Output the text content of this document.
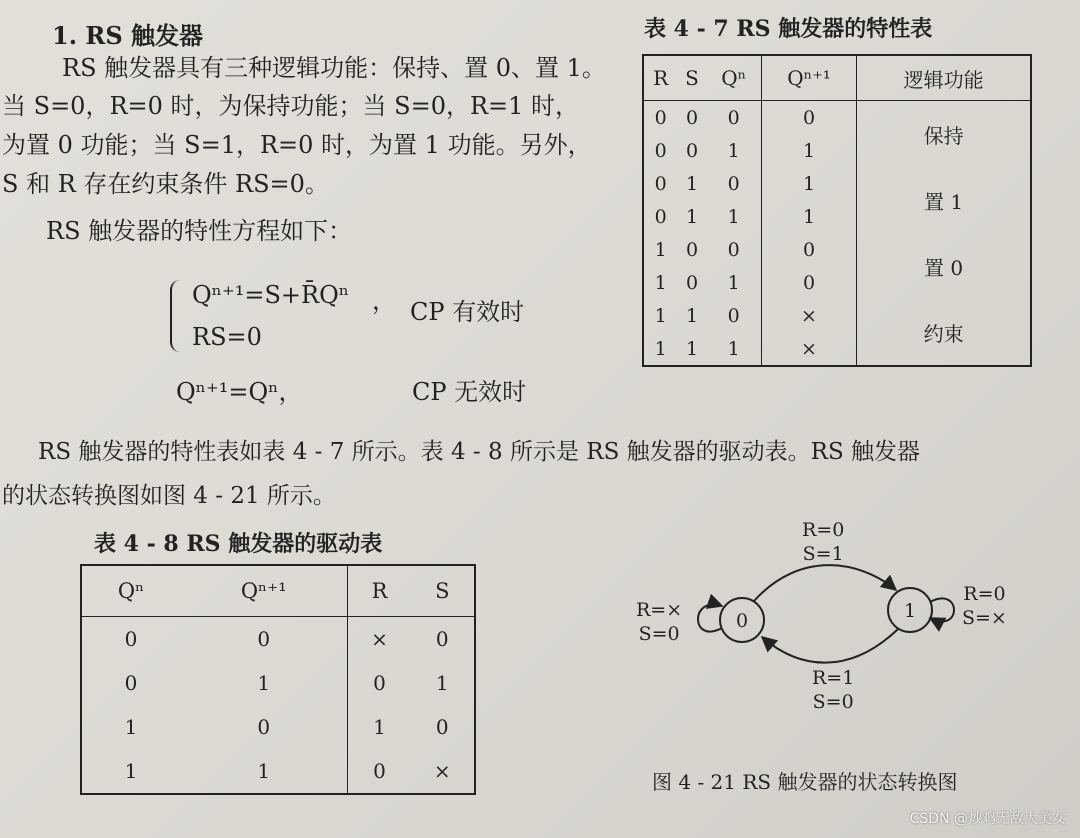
1. RS 触发器
RS 触发器具有三种逻辑功能：保持、置 0、置 1。
当 S=0，R=0 时，为保持功能；当 S=0，R=1 时，
为置 0 功能；当 S=1，R=0 时，为置 1 功能。另外，
S 和 R 存在约束条件 RS=0。
RS 触发器的特性方程如下：
Qⁿ⁺¹=S+R̄Qⁿ ， CP 有效时
RS=0
Qⁿ⁺¹=Qⁿ，	CP 无效时
RS 触发器的特性表如表 4 - 7 所示。表 4 - 8 所示是 RS 触发器的驱动表。RS 触发器
的状态转换图如图 4 - 21 所示。
表 4 - 7 RS 触发器的特性表
R	S	Qⁿ	Qⁿ⁺¹	逻辑功能
0	0	0	0	保持
0	0	1	1	
0	1	0	1	置 1
0	1	1	1	
1	0	0	0	置 0
1	0	1	0	
1	1	0	×	约束
1	1	1	×	
表 4 - 8 RS 触发器的驱动表
Qⁿ	Qⁿ⁺¹	R	S
0	0	×	0
0	1	0	1
1	0	1	0
1	1	0	×
0	1
R=0
S=1
R=1
S=0
R=×
S=0
R=0
S=×
图 4 - 21 RS 触发器的状态转换图
CSDN @炒鸡无敌大美女
